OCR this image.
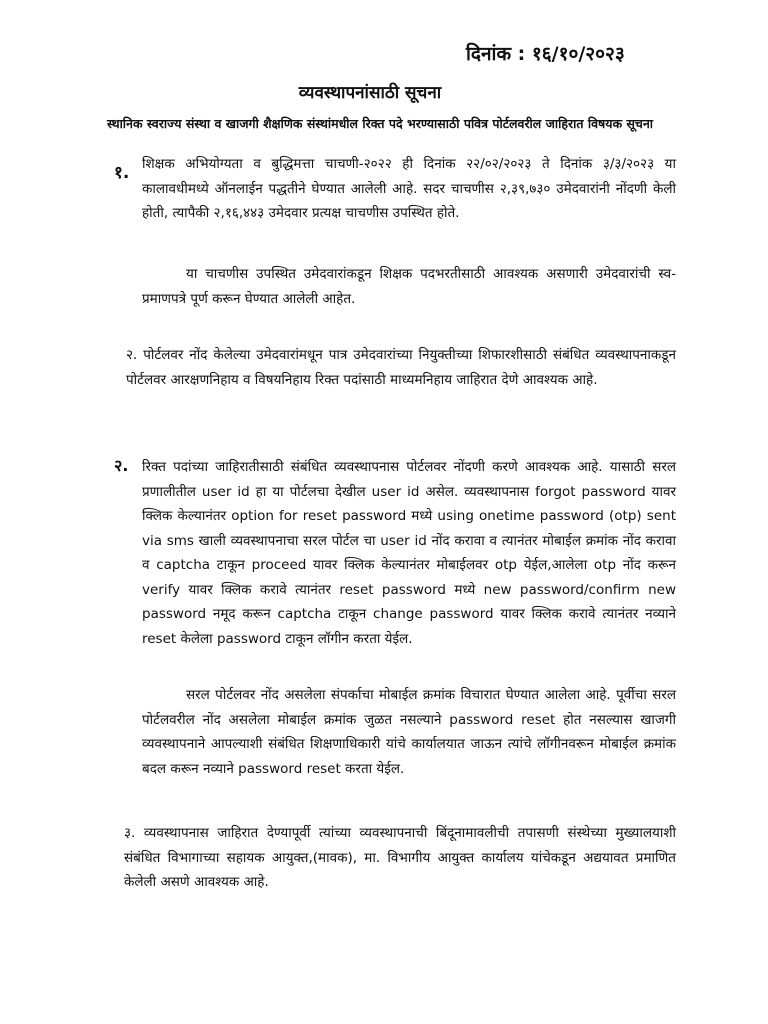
दिनांक : १६/१०/२०२३
व्यवस्थापनांसाठी सूचना
स्थानिक स्वराज्य संस्था व खाजगी शैक्षणिक संस्थांमधील रिक्त पदे भरण्यासाठी पवित्र पोर्टलवरील जाहिरात विषयक सूचना
१. शिक्षक अभियोग्यता व बुद्धिमत्ता चाचणी-२०२२ ही दिनांक २२/०२/२०२३ ते दिनांक ३/३/२०२३ या कालावधीमध्ये ऑनलाईन पद्धतीने घेण्यात आलेली आहे. सदर चाचणीस २,३९,७३० उमेदवारांनी नोंदणी केली होती, त्यापैकी २,१६,४४३ उमेदवार प्रत्यक्ष चाचणीस उपस्थित होते.

या चाचणीस उपस्थित उमेदवारांकडून शिक्षक पदभरतीसाठी आवश्यक असणारी उमेदवारांची स्व-प्रमाणपत्रे पूर्ण करून घेण्यात आलेली आहेत.

२. पोर्टलवर नोंद केलेल्या उमेदवारांमधून पात्र उमेदवारांच्या नियुक्तीच्या शिफारशीसाठी संबंधित व्यवस्थापनाकडून पोर्टलवर आरक्षणनिहाय व विषयनिहाय रिक्त पदांसाठी माध्यमनिहाय जाहिरात देणे आवश्यक आहे.

२. रिक्त पदांच्या जाहिरातीसाठी संबंधित व्यवस्थापनास पोर्टलवर नोंदणी करणे आवश्यक आहे. यासाठी सरल प्रणालीतील user id हा या पोर्टलचा देखील user id असेल. व्यवस्थापनास forgot password यावर क्लिक केल्यानंतर option for reset password मध्ये using onetime password (otp) sent via sms खाली व्यवस्थापनाचा सरल पोर्टल चा user id नोंद करावा व त्यानंतर मोबाईल क्रमांक नोंद करावा व captcha टाकून proceed यावर क्लिक केल्यानंतर मोबाईलवर otp येईल,आलेला otp नोंद करून verify यावर क्लिक करावे त्यानंतर reset password मध्ये new password/confirm new password नमूद करून captcha टाकून change password यावर क्लिक करावे त्यानंतर नव्याने reset केलेला password टाकून लॉगीन करता येईल.

सरल पोर्टलवर नोंद असलेला संपर्काचा मोबाईल क्रमांक विचारात घेण्यात आलेला आहे. पूर्वीचा सरल पोर्टलवरील नोंद असलेला मोबाईल क्रमांक जुळत नसल्याने password reset होत नसल्यास खाजगी व्यवस्थापनाने आपल्याशी संबंधित शिक्षणाधिकारी यांचे कार्यालयात जाऊन त्यांचे लॉगीनवरून मोबाईल क्रमांक बदल करून नव्याने password reset करता येईल.

३. व्यवस्थापनास जाहिरात देण्यापूर्वी त्यांच्या व्यवस्थापनाची बिंदूनामावलीची तपासणी संस्थेच्या मुख्यालयाशी संबंधित विभागाच्या सहायक आयुक्त,(मावक), मा. विभागीय आयुक्त कार्यालय यांचेकडून अद्ययावत प्रमाणित केलेली असणे आवश्यक आहे.
